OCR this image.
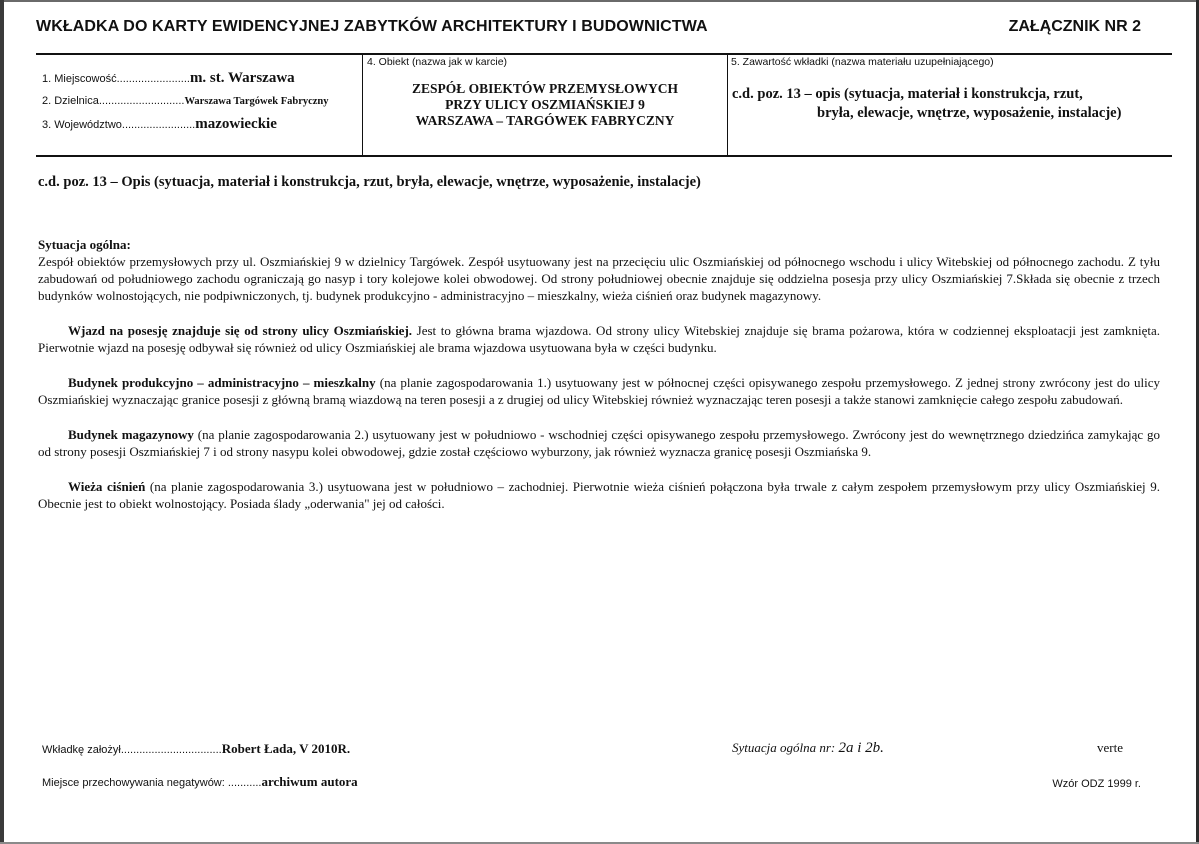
WKŁADKA DO KARTY EWIDENCYJNEJ ZABYTKÓW ARCHITEKTURY I BUDOWNICTWA	ZAŁĄCZNIK NR 2
1. Miejscowość........................m. st. Warszawa
2. Dzielnica............................Warszawa Targówek Fabryczny
3. Województwo........................mazowieckie
4. Obiekt (nazwa jak w karcie)
ZESPÓŁ OBIEKTÓW PRZEMYSŁOWYCH
PRZY ULICY OSZMIAŃSKIEJ 9
WARSZAWA – TARGÓWEK FABRYCZNY
5. Zawartość wkładki (nazwa materiału uzupełniającego)
c.d. poz. 13 – opis (sytuacja, materiał i konstrukcja, rzut,
bryła, elewacje, wnętrze, wyposażenie, instalacje)
c.d. poz. 13 – Opis (sytuacja, materiał i konstrukcja, rzut, bryła, elewacje, wnętrze, wyposażenie, instalacje)

Sytuacja ogólna:
Zespół obiektów przemysłowych przy ul. Oszmiańskiej 9 w dzielnicy Targówek. Zespół usytuowany jest na przecięciu ulic Oszmiańskiej od północnego wschodu i ulicy Witebskiej od północnego zachodu. Z tyłu zabudowań od południowego zachodu ograniczają go nasyp i tory kolejowe kolei obwodowej. Od strony południowej obecnie znajduje się oddzielna posesja przy ulicy Oszmiańskiej 7.Składa się obecnie z trzech budynków wolnostojących, nie podpiwniczonych, tj. budynek produkcyjno - administracyjno – mieszkalny, wieża ciśnień oraz budynek magazynowy.

Wjazd na posesję znajduje się od strony ulicy Oszmiańskiej. Jest to główna brama wjazdowa. Od strony ulicy Witebskiej znajduje się brama pożarowa, która w codziennej eksploatacji jest zamknięta. Pierwotnie wjazd na posesję odbywał się również od ulicy Oszmiańskiej ale brama wjazdowa usytuowana była w części budynku.

Budynek produkcyjno – administracyjno – mieszkalny (na planie zagospodarowania 1.) usytuowany jest w północnej części opisywanego zespołu przemysłowego. Z jednej strony zwrócony jest do ulicy Oszmiańskiej wyznaczając granice posesji z główną bramą wiazdową na teren posesji a z drugiej od ulicy Witebskiej również wyznaczając teren posesji a także stanowi zamknięcie całego zespołu zabudowań.

Budynek magazynowy (na planie zagospodarowania 2.) usytuowany jest w południowo - wschodniej części opisywanego zespołu przemysłowego. Zwrócony jest do wewnętrznego dziedzińca zamykając go od strony posesji Oszmiańskiej 7 i od strony nasypu kolei obwodowej, gdzie został częściowo wyburzony, jak również wyznacza granicę posesji Oszmiańska 9.

Wieża ciśnień (na planie zagospodarowania 3.) usytuowana jest w południowo – zachodniej. Pierwotnie wieża ciśnień połączona była trwale z całym zespołem przemysłowym przy ulicy Oszmiańskiej 9. Obecnie jest to obiekt wolnostojący. Posiada ślady „oderwania" jej od całości.

Wkładkę założył.................................Robert Łada, V 2010R.	Sytuacja ogólna nr: 2a i 2b.	verte
Miejsce przechowywania negatywów: ...........archiwum autora	Wzór ODZ 1999 r.
